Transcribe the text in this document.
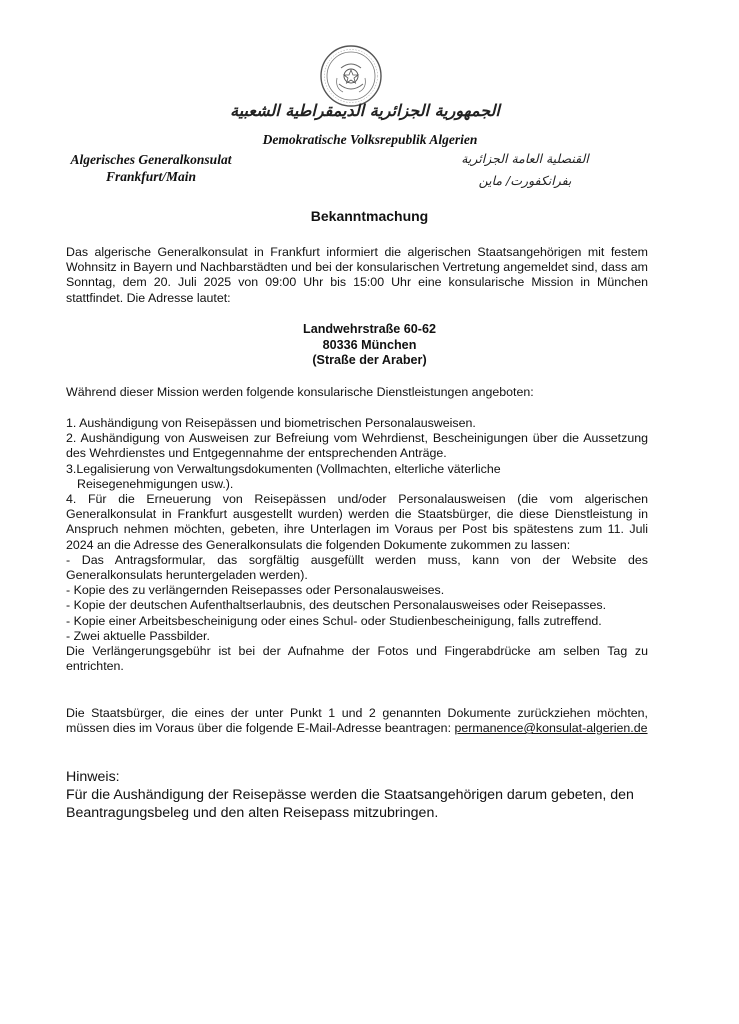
الجمهورية الجزائرية الديمقراطية الشعبية
Demokratische Volksrepublik Algerien
Algerisches Generalkonsulat
Frankfurt/Main
القنصلية العامة الجزائرية
بفرانكفورت/ ماين
Bekanntmachung
Das algerische Generalkonsulat in Frankfurt informiert die algerischen Staatsangehörigen mit festem Wohnsitz in Bayern und Nachbarstädten und bei der konsularischen Vertretung angemeldet sind, dass am Sonntag, dem 20. Juli 2025 von 09:00 Uhr bis 15:00 Uhr eine konsularische Mission in München stattfindet. Die Adresse lautet:
Landwehrstraße 60-62
80336 München
(Straße der Araber)
Während dieser Mission werden folgende konsularische Dienstleistungen angeboten:

1. Aushändigung von Reisepässen und biometrischen Personalausweisen.

2. Aushändigung von Ausweisen zur Befreiung vom Wehrdienst, Bescheinigungen über die Aussetzung des Wehrdienstes und Entgegennahme der entsprechenden Anträge.

3.Legalisierung von Verwaltungsdokumenten (Vollmachten, elterliche väterliche

Reisegenehmigungen usw.).

4. Für die Erneuerung von Reisepässen und/oder Personalausweisen (die vom algerischen Generalkonsulat in Frankfurt ausgestellt wurden) werden die Staatsbürger, die diese Dienstleistung in Anspruch nehmen möchten, gebeten, ihre Unterlagen im Voraus per Post bis spätestens zum 11. Juli 2024 an die Adresse des Generalkonsulats die folgenden Dokumente zukommen zu lassen:

- Das Antragsformular, das sorgfältig ausgefüllt werden muss, kann von der Website des Generalkonsulats heruntergeladen werden).

- Kopie des zu verlängernden Reisepasses oder Personalausweises.

- Kopie der deutschen Aufenthaltserlaubnis, des deutschen Personalausweises oder Reisepasses.

- Kopie einer Arbeitsbescheinigung oder eines Schul- oder Studienbescheinigung, falls zutreffend.

- Zwei aktuelle Passbilder.

Die Verlängerungsgebühr ist bei der Aufnahme der Fotos und Fingerabdrücke am selben Tag zu entrichten.

Die Staatsbürger, die eines der unter Punkt 1 und 2 genannten Dokumente zurückziehen möchten, müssen dies im Voraus über die folgende E-Mail-Adresse beantragen: permanence@konsulat-algerien.de
Hinweis:
Für die Aushändigung der Reisepässe werden die Staatsangehörigen darum gebeten, den Beantragungsbeleg und den alten Reisepass mitzubringen.
